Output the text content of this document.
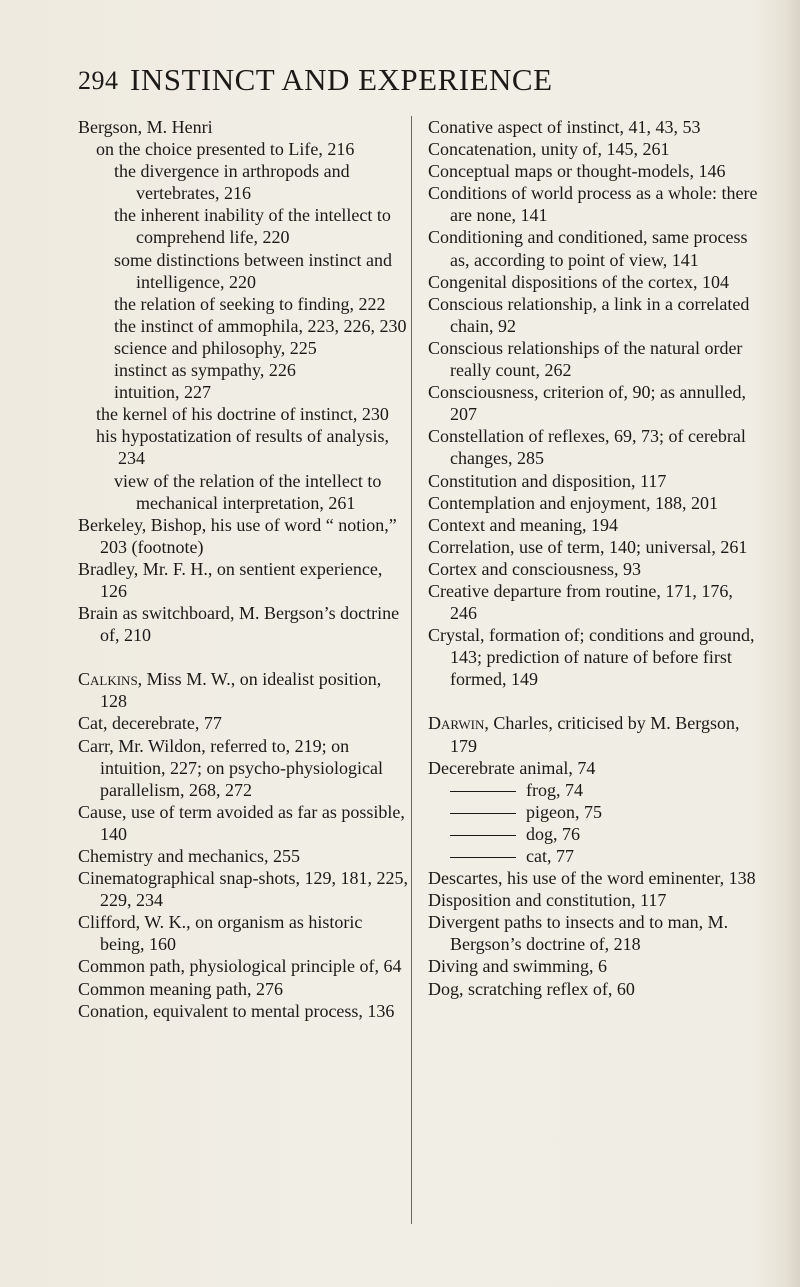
294 INSTINCT AND EXPERIENCE
Bergson, M. Henri
on the choice presented to Life, 216
the divergence in arthropods and vertebrates, 216
the inherent inability of the intellect to comprehend life, 220
some distinctions between instinct and intelligence, 220
the relation of seeking to finding, 222
the instinct of ammophila, 223, 226, 230
science and philosophy, 225
instinct as sympathy, 226
intuition, 227
the kernel of his doctrine of instinct, 230
his hypostatization of results of analysis, 234
view of the relation of the intellect to mechanical interpretation, 261
Berkeley, Bishop, his use of word “ notion,” 203 (footnote)
Bradley, Mr. F. H., on sentient experience, 126
Brain as switchboard, M. Bergson’s doctrine of, 210
Calkins, Miss M. W., on idealist position, 128
Cat, decerebrate, 77
Carr, Mr. Wildon, referred to, 219; on intuition, 227; on psycho-physiological parallelism, 268, 272
Cause, use of term avoided as far as possible, 140
Chemistry and mechanics, 255
Cinematographical snap-shots, 129, 181, 225, 229, 234
Clifford, W. K., on organism as historic being, 160
Common path, physiological principle of, 64
Common meaning path, 276
Conation, equivalent to mental process, 136
Conative aspect of instinct, 41, 43, 53
Concatenation, unity of, 145, 261
Conceptual maps or thought-models, 146
Conditions of world process as a whole: there are none, 141
Conditioning and conditioned, same process as, according to point of view, 141
Congenital dispositions of the cortex, 104
Conscious relationship, a link in a correlated chain, 92
Conscious relationships of the natural order really count, 262
Consciousness, criterion of, 90; as annulled, 207
Constellation of reflexes, 69, 73; of cerebral changes, 285
Constitution and disposition, 117
Contemplation and enjoyment, 188, 201
Context and meaning, 194
Correlation, use of term, 140; universal, 261
Cortex and consciousness, 93
Creative departure from routine, 171, 176, 246
Crystal, formation of; conditions and ground, 143; prediction of nature of before first formed, 149
Darwin, Charles, criticised by M. Bergson, 179
Decerebrate animal, 74
frog, 74
pigeon, 75
dog, 76
cat, 77
Descartes, his use of the word eminenter, 138
Disposition and constitution, 117
Divergent paths to insects and to man, M. Bergson’s doctrine of, 218
Diving and swimming, 6
Dog, scratching reflex of, 60
